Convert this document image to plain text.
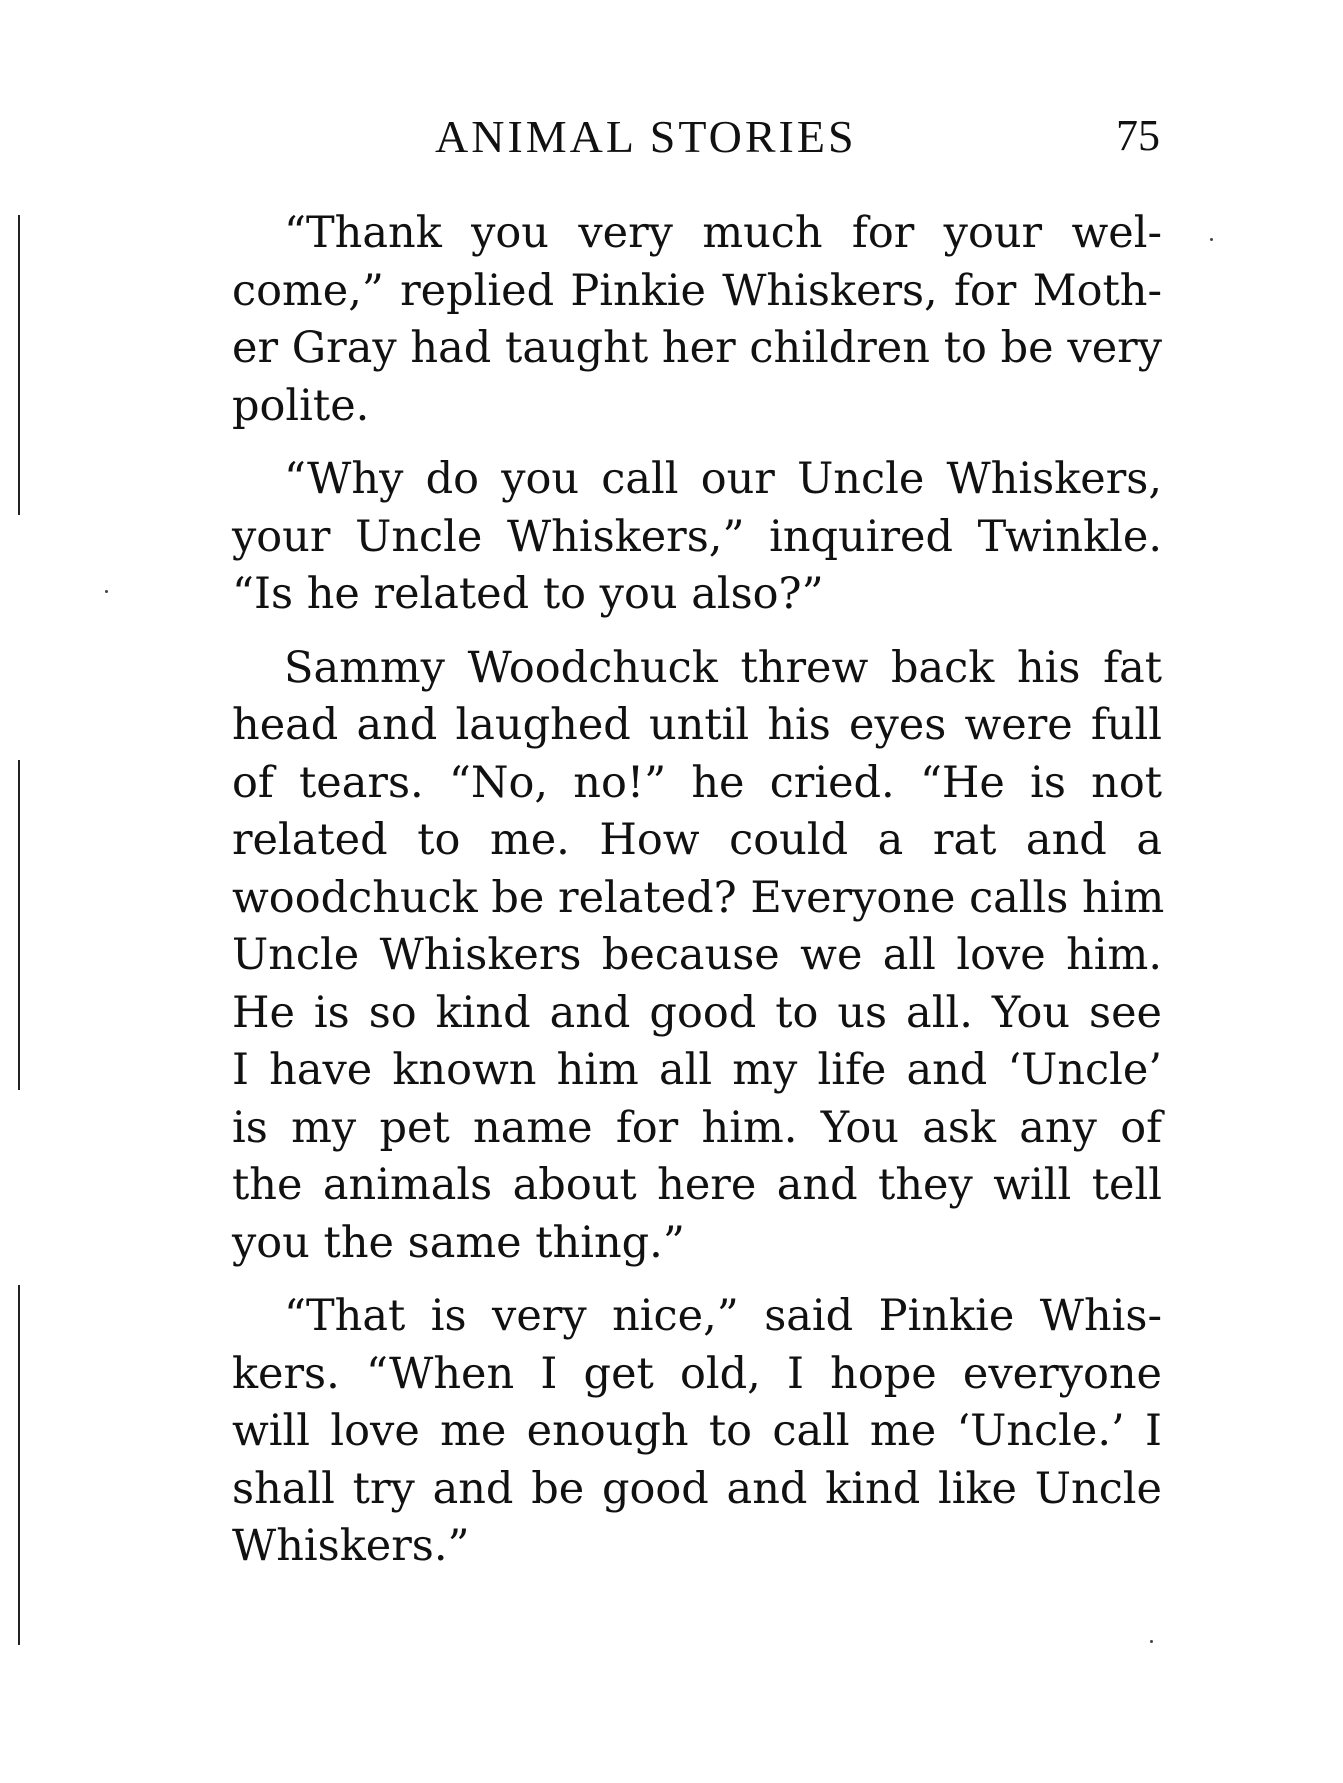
ANIMAL STORIES	75
“Thank you very much for your wel-
come,” replied Pinkie Whiskers, for Moth-
er Gray had taught her children to be very
polite.
“Why do you call our Uncle Whiskers,
your Uncle Whiskers,” inquired Twinkle.
“Is he related to you also?”
Sammy Woodchuck threw back his fat
head and laughed until his eyes were full
of tears. “No, no!” he cried. “He is not
related to me. How could a rat and a
woodchuck be related? Everyone calls him
Uncle Whiskers because we all love him.
He is so kind and good to us all. You see
I have known him all my life and ‘Uncle’
is my pet name for him. You ask any of
the animals about here and they will tell
you the same thing.”
“That is very nice,” said Pinkie Whis-
kers. “When I get old, I hope everyone
will love me enough to call me ‘Uncle.’ I
shall try and be good and kind like Uncle
Whiskers.”
